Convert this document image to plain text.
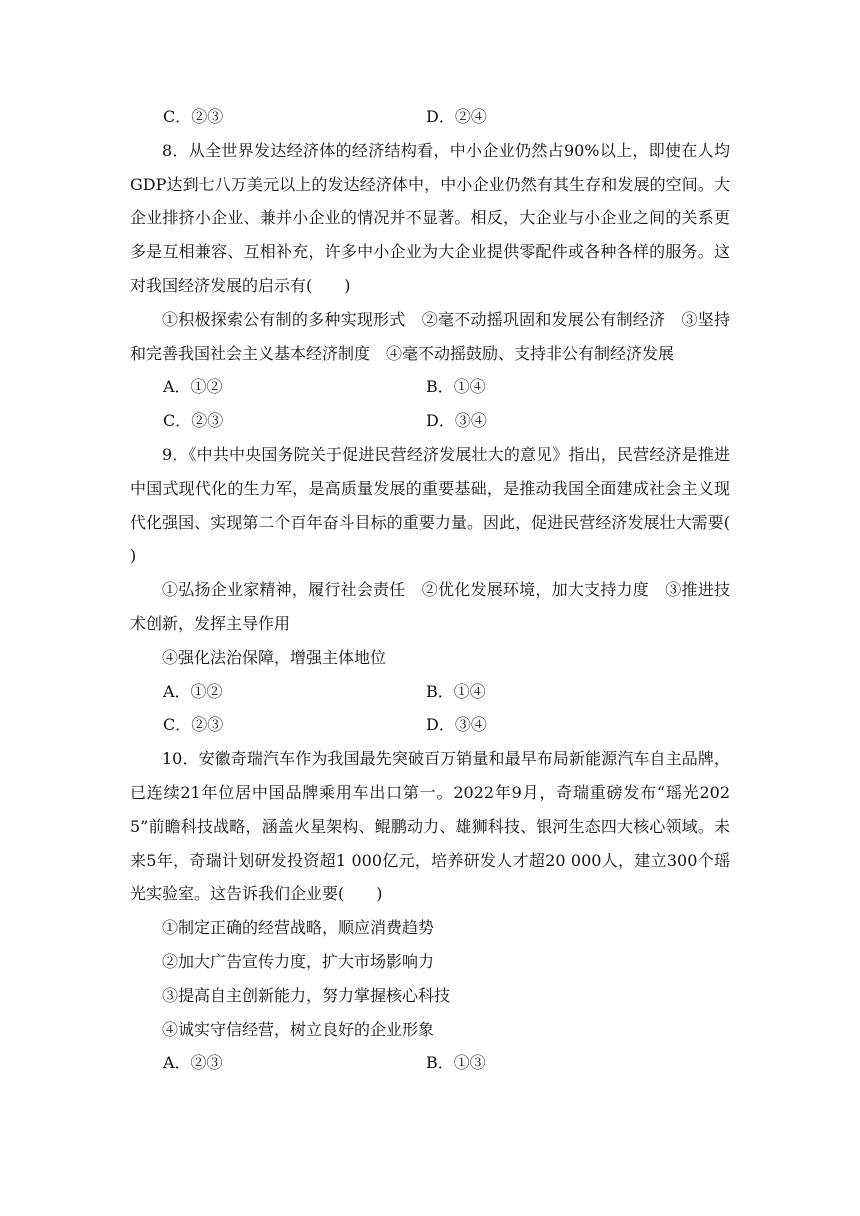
C．②③	D．②④
8．从全世界发达经济体的经济结构看，中小企业仍然占90%以上，即使在人均GDP达到七八万美元以上的发达经济体中，中小企业仍然有其生存和发展的空间。大企业排挤小企业、兼并小企业的情况并不显著。相反，大企业与小企业之间的关系更多是互相兼容、互相补充，许多中小企业为大企业提供零配件或各种各样的服务。这对我国经济发展的启示有(　　)
①积极探索公有制的多种实现形式　②毫不动摇巩固和发展公有制经济　③坚持和完善我国社会主义基本经济制度　④毫不动摇鼓励、支持非公有制经济发展
A．①②	B．①④
C．②③	D．③④
9．《中共中央国务院关于促进民营经济发展壮大的意见》指出，民营经济是推进中国式现代化的生力军，是高质量发展的重要基础，是推动我国全面建成社会主义现代化强国、实现第二个百年奋斗目标的重要力量。因此，促进民营经济发展壮大需要(　　)
①弘扬企业家精神，履行社会责任　②优化发展环境，加大支持力度　③推进技术创新，发挥主导作用
④强化法治保障，增强主体地位
A．①②	B．①④
C．②③	D．③④
10．安徽奇瑞汽车作为我国最先突破百万销量和最早布局新能源汽车自主品牌，已连续21年位居中国品牌乘用车出口第一。2022年9月，奇瑞重磅发布“瑶光2025”前瞻科技战略，涵盖火星架构、鲲鹏动力、雄狮科技、银河生态四大核心领域。未来5年，奇瑞计划研发投资超1 000亿元，培养研发人才超20 000人，建立300个瑶光实验室。这告诉我们企业要(　　)
①制定正确的经营战略，顺应消费趋势
②加大广告宣传力度，扩大市场影响力
③提高自主创新能力，努力掌握核心科技
④诚实守信经营，树立良好的企业形象
A．②③	B．①③
